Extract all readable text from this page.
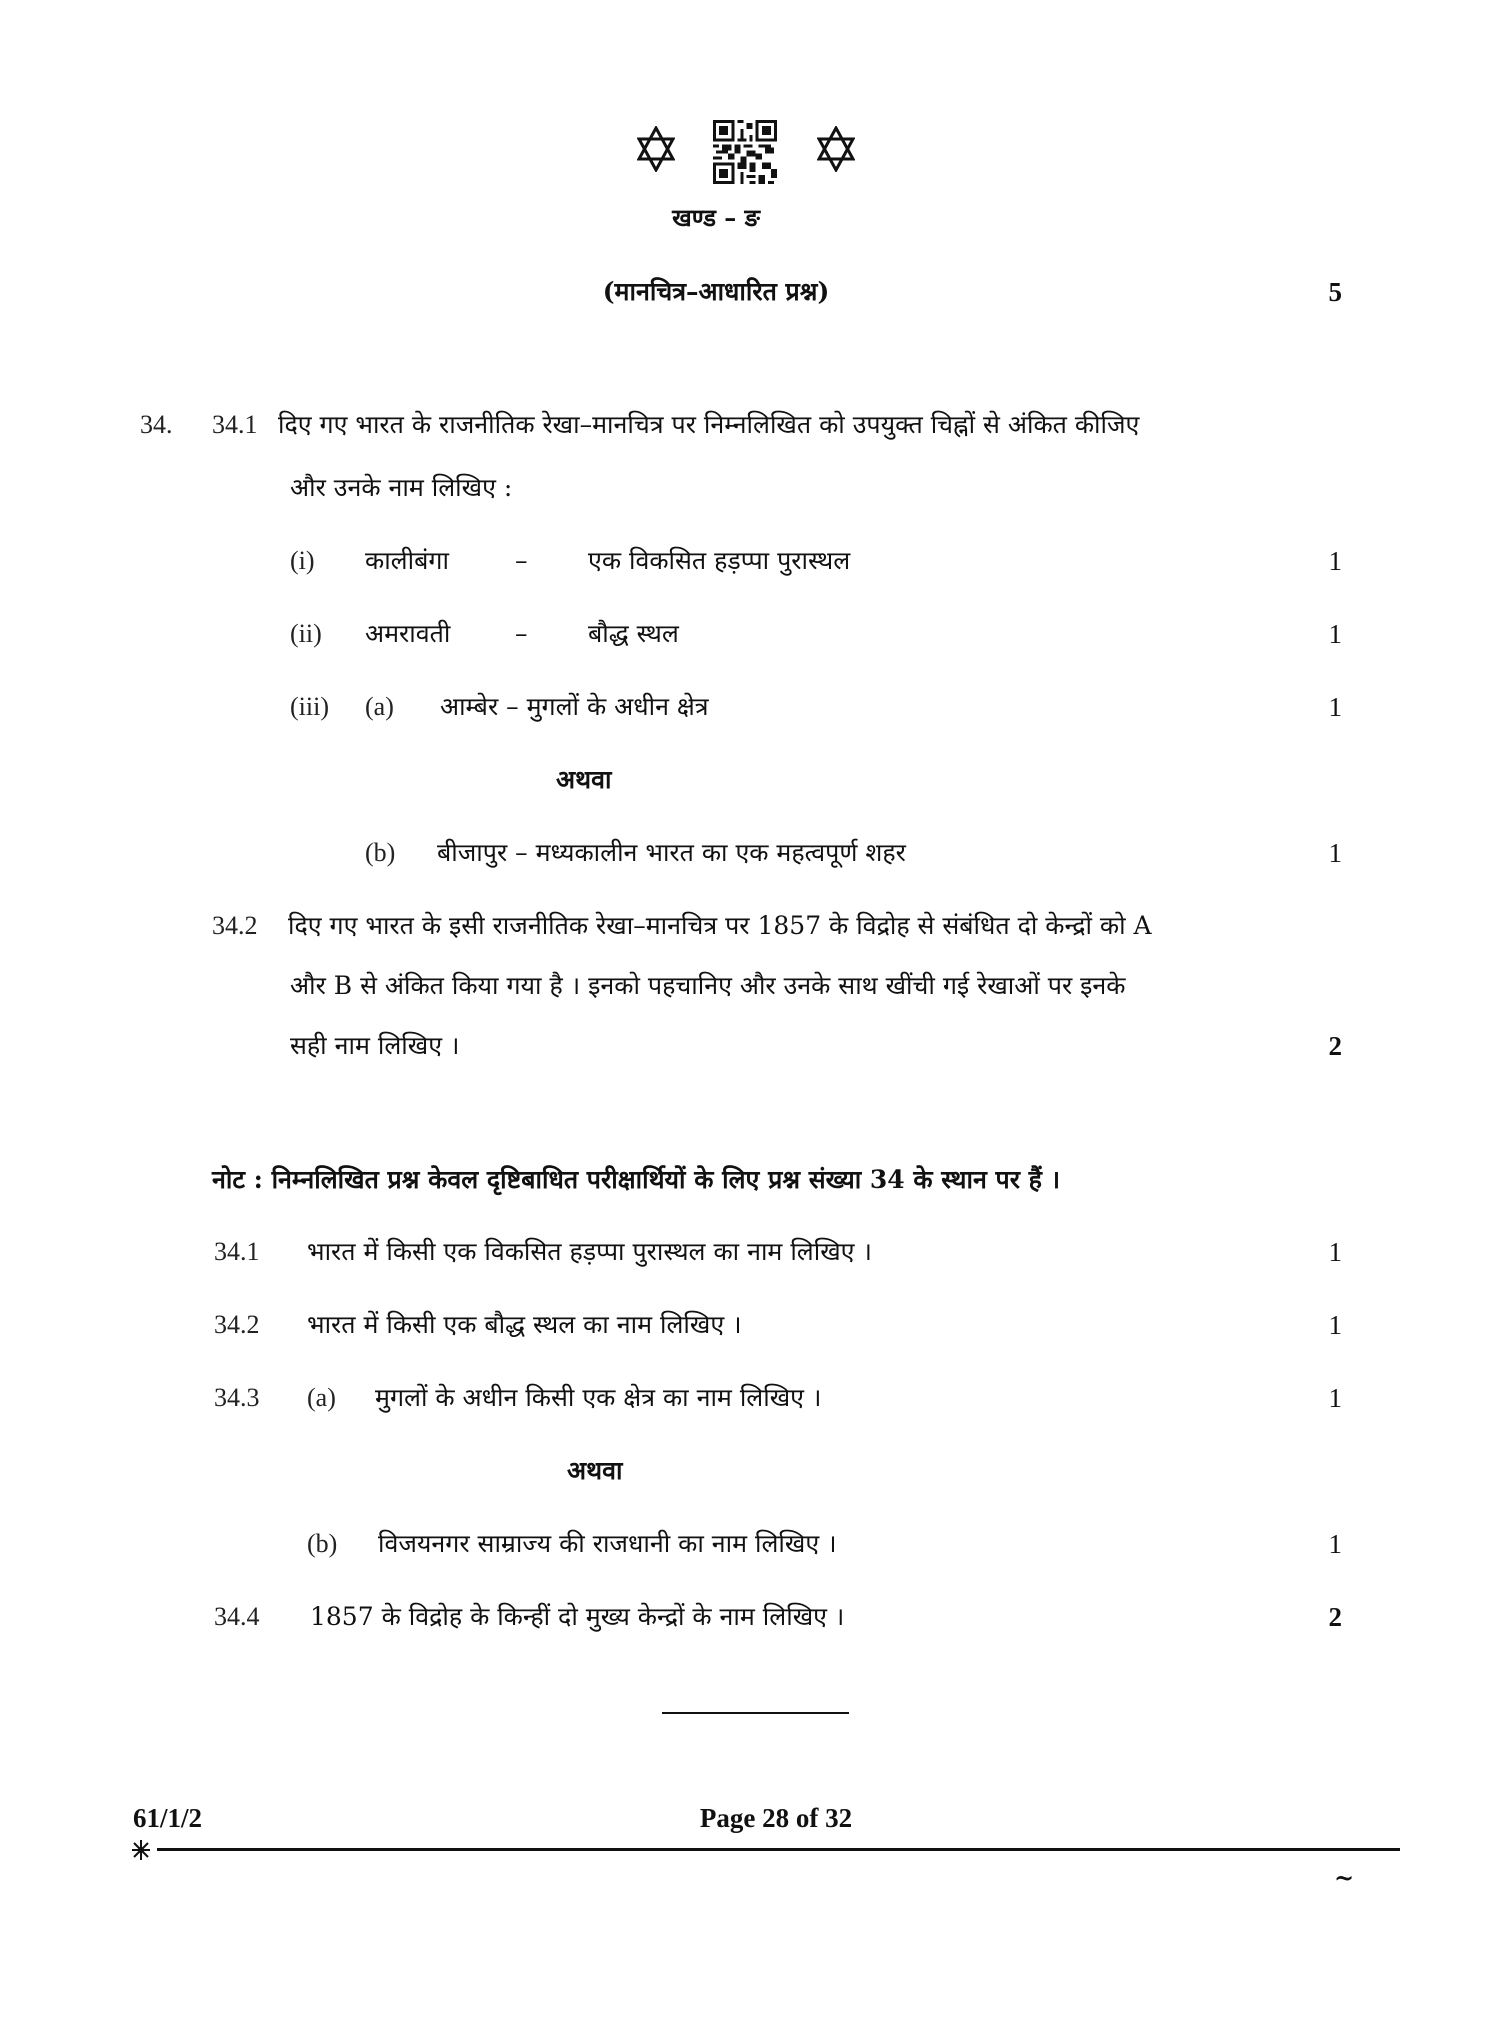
खण्ड – ङ
(मानचित्र–आधारित प्रश्न)	5
34. 34.1 दिए गए भारत के राजनीतिक रेखा–मानचित्र पर निम्नलिखित को उपयुक्त चिह्नों से अंकित कीजिए
और उनके नाम लिखिए :
(i) कालीबंगा	– एक विकसित हड़प्पा पुरास्थल	1
(ii) अमरावती	– बौद्ध स्थल	1
(iii) (a) आम्बेर – मुगलों के अधीन क्षेत्र	1
अथवा
(b) बीजापुर – मध्यकालीन भारत का एक महत्वपूर्ण शहर	1
34.2 दिए गए भारत के इसी राजनीतिक रेखा–मानचित्र पर 1857 के विद्रोह से संबंधित दो केन्द्रों को A
और B से अंकित किया गया है । इनको पहचानिए और उनके साथ खींची गई रेखाओं पर इनके
सही नाम लिखिए ।	2
नोट : निम्नलिखित प्रश्न केवल दृष्टिबाधित परीक्षार्थियों के लिए प्रश्न संख्या 34 के स्थान पर हैं ।
34.1 भारत में किसी एक विकसित हड़प्पा पुरास्थल का नाम लिखिए ।	1
34.2 भारत में किसी एक बौद्ध स्थल का नाम लिखिए ।	1
34.3 (a) मुगलों के अधीन किसी एक क्षेत्र का नाम लिखिए ।	1
अथवा
(b) विजयनगर साम्राज्य की राजधानी का नाम लिखिए ।	1
34.4 1857 के विद्रोह के किन्हीं दो मुख्य केन्द्रों के नाम लिखिए ।	2
61/1/2	Page 28 of 32
~
